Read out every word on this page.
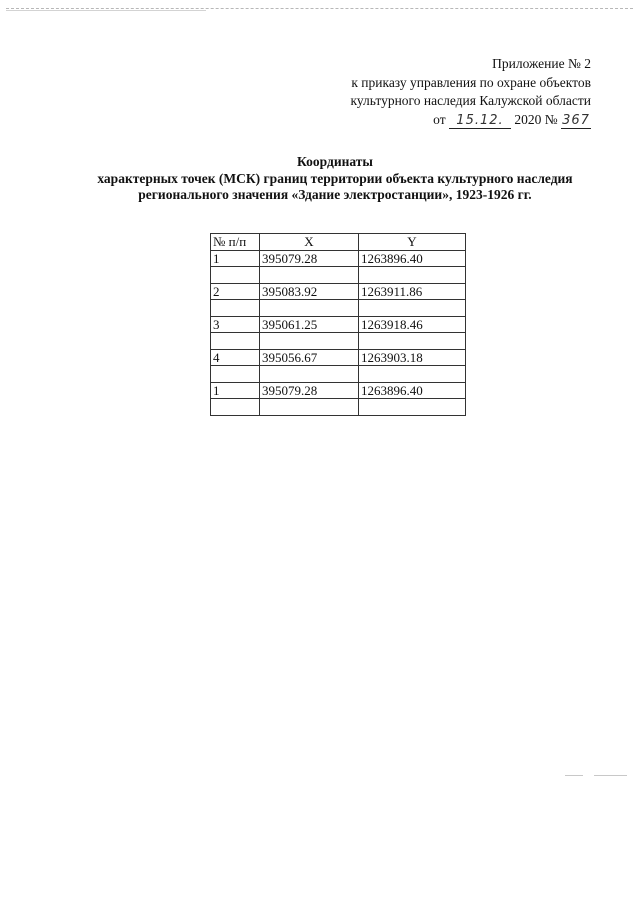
Приложение № 2
к приказу управления по охране объектов
культурного наследия Калужской области
от 15.12. 2020 № 367
Координаты
характерных точек (МСК) границ территории объекта культурного наследия
регионального значения «Здание электростанции», 1923-1926 гг.
№ п/п	X	Y
1	395079.28	1263896.40

2	395083.92	1263911.86

3	395061.25	1263918.46

4	395056.67	1263903.18

1	395079.28	1263896.40
